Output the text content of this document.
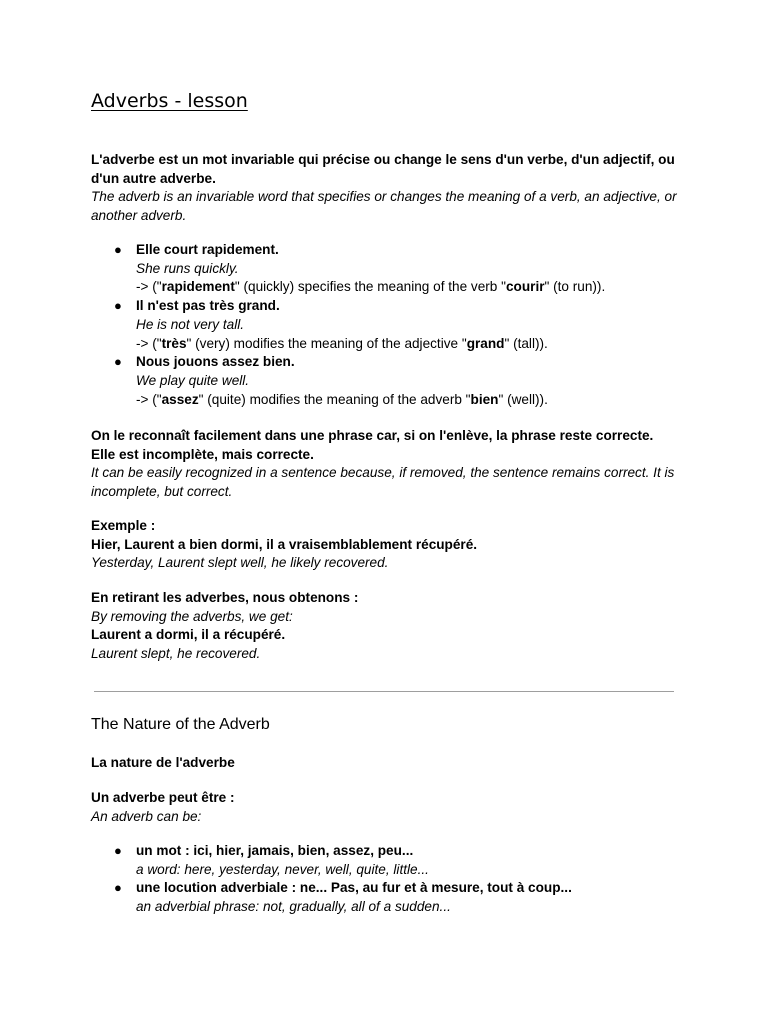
Adverbs - lesson
L'adverbe est un mot invariable qui précise ou change le sens d'un verbe, d'un adjectif, ou d'un autre adverbe.
The adverb is an invariable word that specifies or changes the meaning of a verb, an adjective, or another adverb.
● Elle court rapidement.
She runs quickly.
-> ("rapidement" (quickly) specifies the meaning of the verb "courir" (to run)).
● Il n'est pas très grand.
He is not very tall.
-> ("très" (very) modifies the meaning of the adjective "grand" (tall)).
● Nous jouons assez bien.
We play quite well.
-> ("assez" (quite) modifies the meaning of the adverb "bien" (well)).
On le reconnaît facilement dans une phrase car, si on l'enlève, la phrase reste correcte. Elle est incomplète, mais correcte.
It can be easily recognized in a sentence because, if removed, the sentence remains correct. It is incomplete, but correct.
Exemple :
Hier, Laurent a bien dormi, il a vraisemblablement récupéré.
Yesterday, Laurent slept well, he likely recovered.
En retirant les adverbes, nous obtenons :
By removing the adverbs, we get:
Laurent a dormi, il a récupéré.
Laurent slept, he recovered.
The Nature of the Adverb
La nature de l'adverbe
Un adverbe peut être :
An adverb can be:
● un mot : ici, hier, jamais, bien, assez, peu...
a word: here, yesterday, never, well, quite, little...
● une locution adverbiale : ne... Pas, au fur et à mesure, tout à coup...
an adverbial phrase: not, gradually, all of a sudden...
